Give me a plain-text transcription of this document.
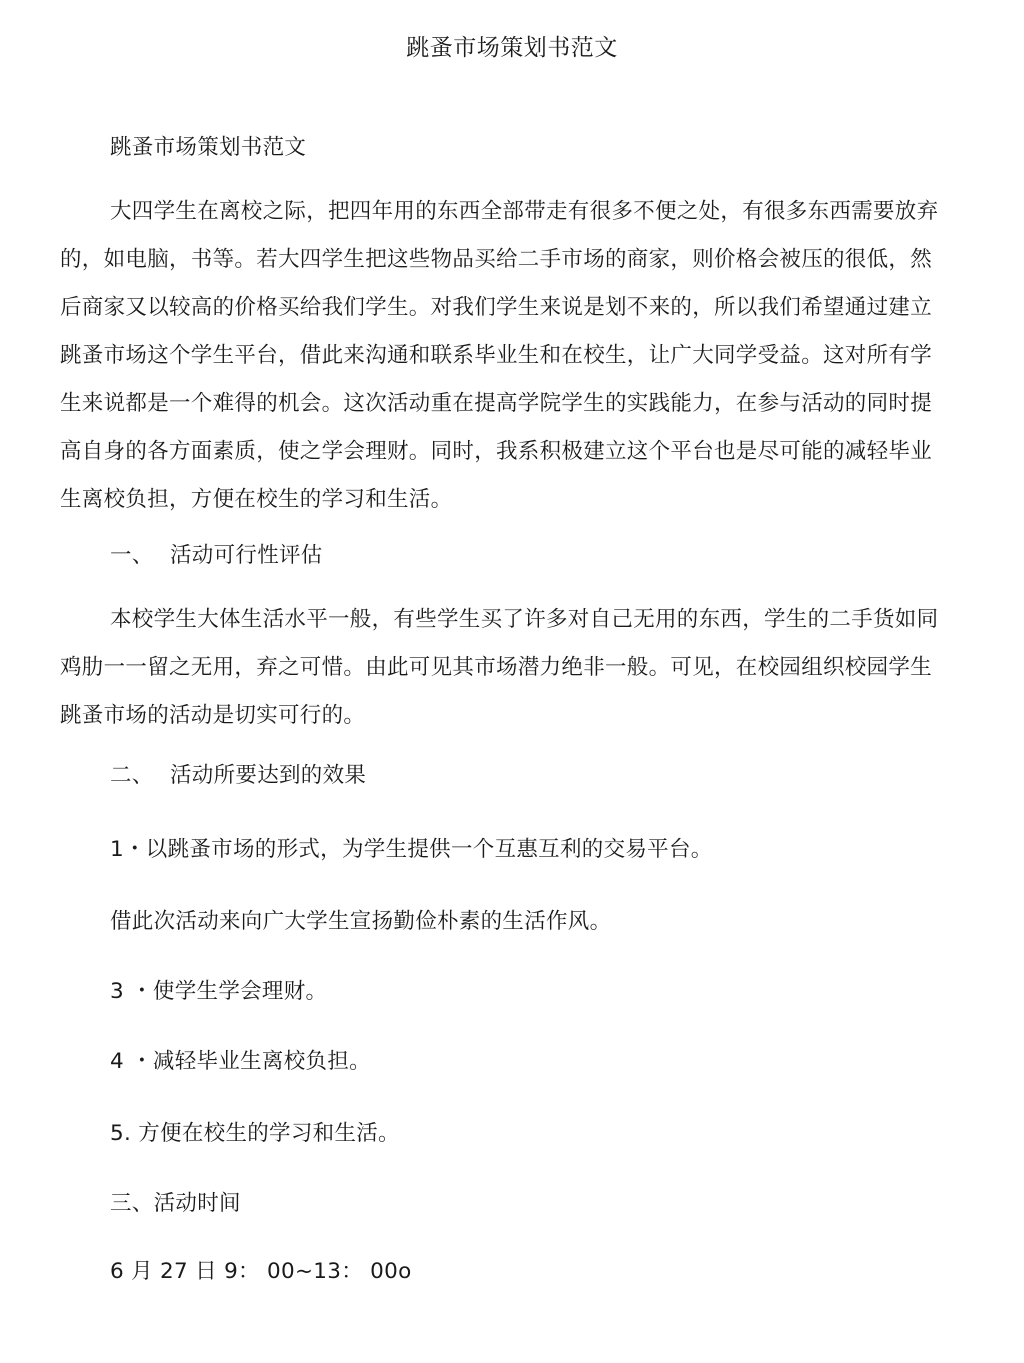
跳蚤市场策划书范文
跳蚤市场策划书范文

大四学生在离校之际，把四年用的东西全部带走有很多不便之处，有很多东西需要放弃的，如电脑，书等。若大四学生把这些物品买给二手市场的商家，则价格会被压的很低，然后商家又以较高的价格买给我们学生。对我们学生来说是划不来的，所以我们希望通过建立跳蚤市场这个学生平台，借此来沟通和联系毕业生和在校生，让广大同学受益。这对所有学生来说都是一个难得的机会。这次活动重在提高学院学生的实践能力，在参与活动的同时提高自身的各方面素质，使之学会理财。同时，我系积极建立这个平台也是尽可能的减轻毕业生离校负担，方便在校生的学习和生活。

一、 活动可行性评估

本校学生大体生活水平一般，有些学生买了许多对自己无用的东西，学生的二手货如同鸡肋一一留之无用，弃之可惜。由此可见其市场潜力绝非一般。可见，在校园组织校园学生跳蚤市场的活动是切实可行的。

二、 活动所要达到的效果
1・以跳蚤市场的形式，为学生提供一个互惠互利的交易平台。
借此次活动来向广大学生宣扬勤俭朴素的生活作风。
3 ・使学生学会理财。
4 ・减轻毕业生离校负担。
5. 方便在校生的学习和生活。
三、活动时间
6 月 27 日 9： 00~13： 00o
